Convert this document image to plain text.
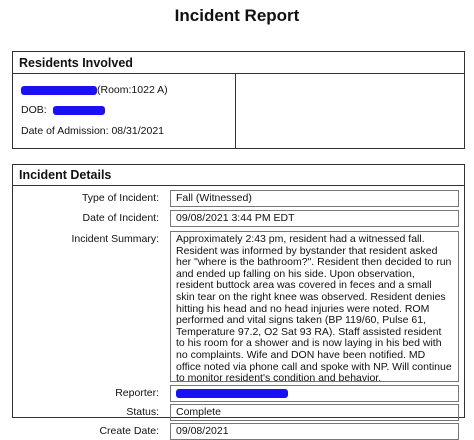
Incident Report
Residents Involved
(Room:1022 A)
DOB:
Date of Admission: 08/31/2021
Incident Details
Type of Incident:	Fall (Witnessed)
Date of Incident:	09/08/2021 3:44 PM EDT
Incident Summary:	Approximately 2:43 pm, resident had a witnessed fall. Resident was informed by bystander that resident asked her "where is the bathroom?". Resident then decided to run and ended up falling on his side. Upon observation, resident buttock area was covered in feces and a small skin tear on the right knee was observed. Resident denies hitting his head and no head injuries were noted. ROM performed and vital signs taken (BP 119/60, Pulse 61, Temperature 97.2, O2 Sat 93 RA). Staff assisted resident to his room for a shower and is now laying in his bed with no complaints. Wife and DON have been notified. MD office noted via phone call and spoke with NP. Will continue to monitor resident's condition and behavior.
Reporter:
Status:	Complete
Create Date:	09/08/2021
